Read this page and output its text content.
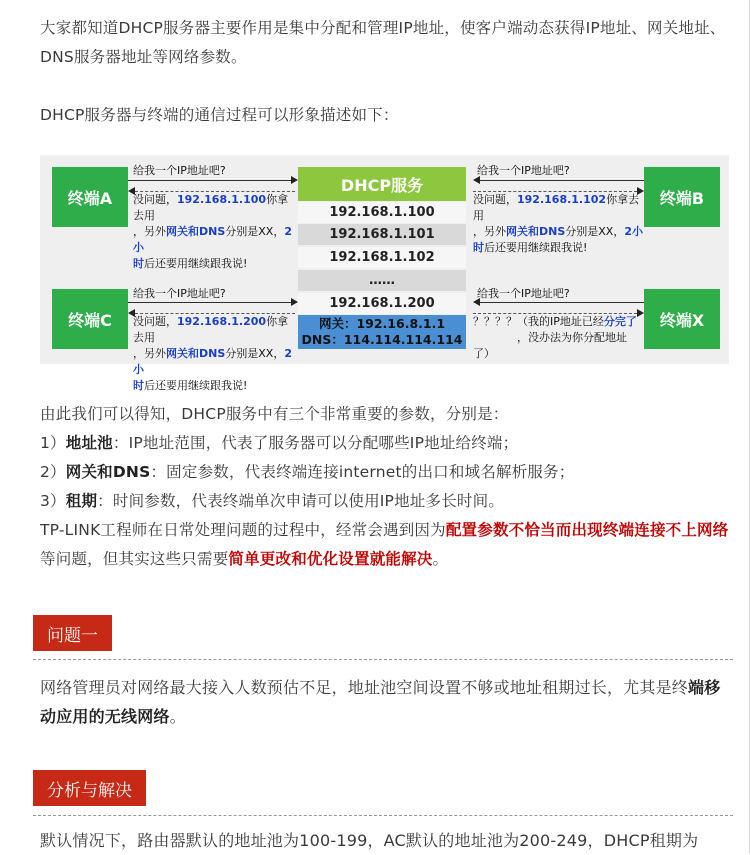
大家都知道DHCP服务器主要作用是集中分配和管理IP地址，使客户端动态获得IP地址、网关地址、DNS服务器地址等网络参数。
DHCP服务器与终端的通信过程可以形象描述如下：
终端A	终端B
终端C	终端X
DHCP服务
192.168.1.100
192.168.1.101
192.168.1.102
……
192.168.1.200
网关：192.16.8.1.1
DNS：114.114.114.114
给我一个IP地址吧?
没问题，192.168.1.100你拿去用
，另外网关和DNS分别是XX，2小
时后还要用继续跟我说!
给我一个IP地址吧?
没问题，192.168.1.102你拿去用
，另外网关和DNS分别是XX，2小
时后还要用继续跟我说!
给我一个IP地址吧?
没问题，192.168.1.200你拿去用
，另外网关和DNS分别是XX，2小
时后还要用继续跟我说!
给我一个IP地址吧?
？？？？（我的IP地址已经分完了
，没办法为你分配地址了）
由此我们可以得知，DHCP服务中有三个非常重要的参数，分别是：
1）地址池：IP地址范围，代表了服务器可以分配哪些IP地址给终端；
2）网关和DNS：固定参数，代表终端连接internet的出口和域名解析服务；
3）租期：时间参数，代表终端单次申请可以使用IP地址多长时间。
TP-LINK工程师在日常处理问题的过程中，经常会遇到因为配置参数不恰当而出现终端连接不上网络等问题，但其实这些只需要简单更改和优化设置就能解决。
问题一
网络管理员对网络最大接入人数预估不足，地址池空间设置不够或地址租期过长，尤其是终端移动应用的无线网络。
分析与解决
默认情况下，路由器默认的地址池为100-199，AC默认的地址池为200-249，DHCP租期为
